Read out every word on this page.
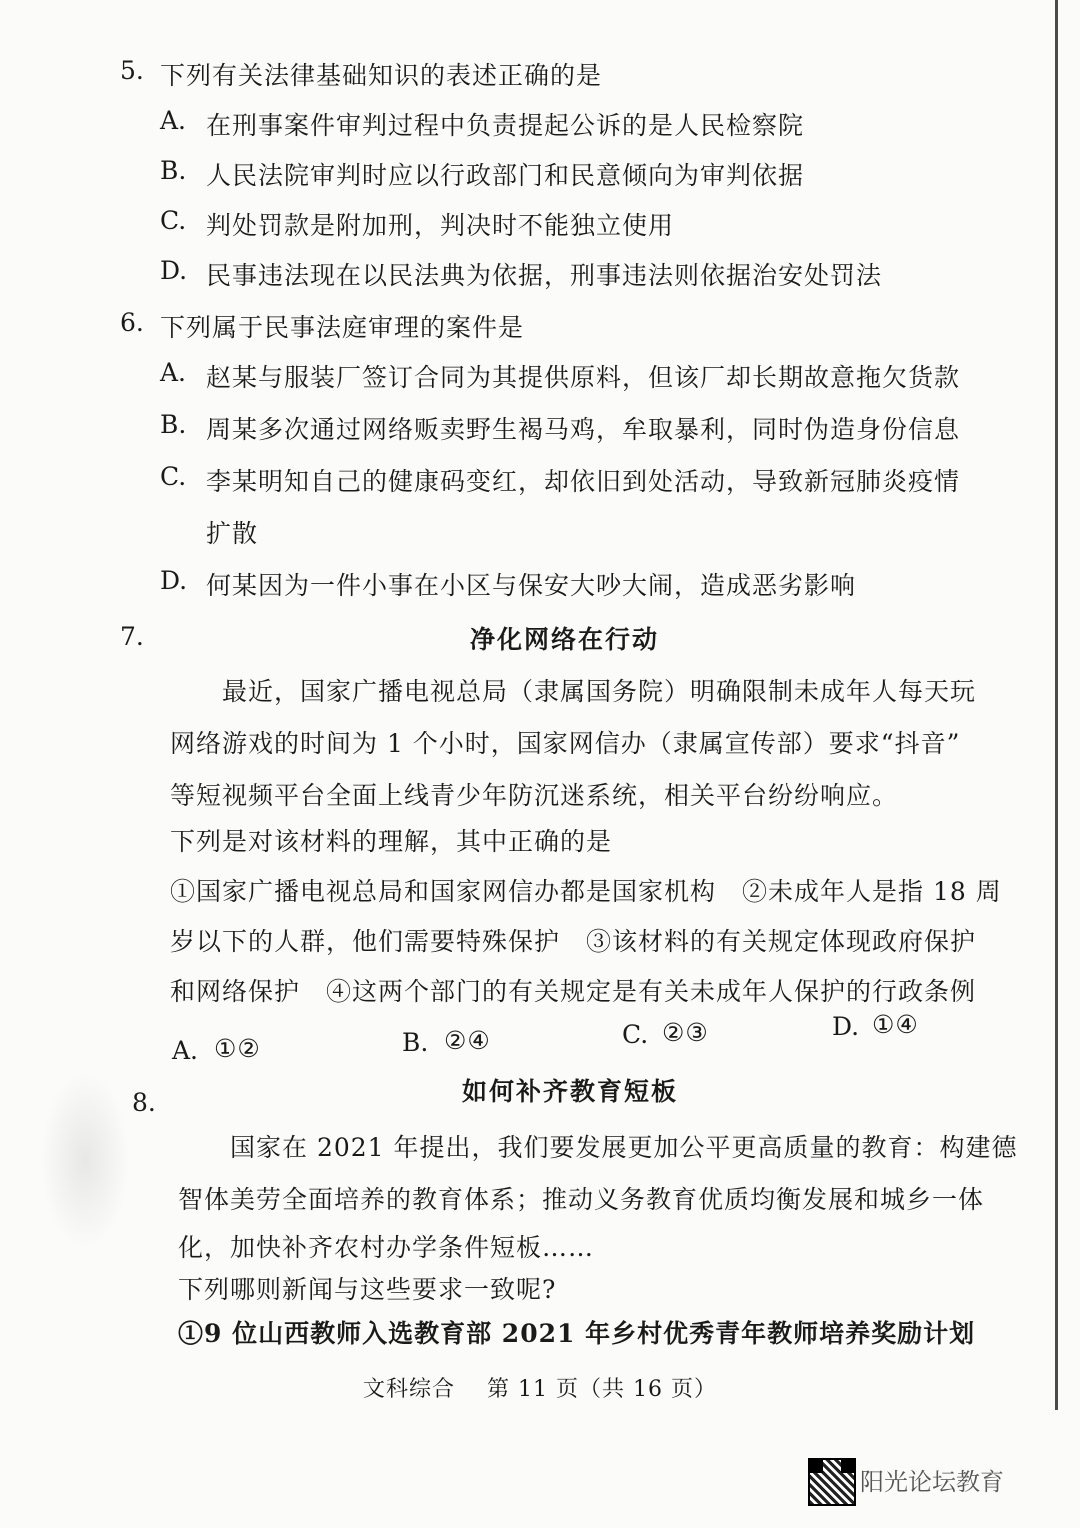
5. 下列有关法律基础知识的表述正确的是
A. 在刑事案件审判过程中负责提起公诉的是人民检察院
B. 人民法院审判时应以行政部门和民意倾向为审判依据
C. 判处罚款是附加刑，判决时不能独立使用
D. 民事违法现在以民法典为依据，刑事违法则依据治安处罚法
6. 下列属于民事法庭审理的案件是
A. 赵某与服装厂签订合同为其提供原料，但该厂却长期故意拖欠货款
B. 周某多次通过网络贩卖野生褐马鸡，牟取暴利，同时伪造身份信息
C. 李某明知自己的健康码变红，却依旧到处活动，导致新冠肺炎疫情
扩散
D. 何某因为一件小事在小区与保安大吵大闹，造成恶劣影响
7.	净化网络在行动
最近，国家广播电视总局（隶属国务院）明确限制未成年人每天玩
网络游戏的时间为 1 个小时，国家网信办（隶属宣传部）要求“抖音”
等短视频平台全面上线青少年防沉迷系统，相关平台纷纷响应。
下列是对该材料的理解，其中正确的是
①国家广播电视总局和国家网信办都是国家机构　②未成年人是指 18 周
岁以下的人群，他们需要特殊保护　③该材料的有关规定体现政府保护
和网络保护　④这两个部门的有关规定是有关未成年人保护的行政条例
A. ①②	B. ②④	C. ②③	D. ①④
8.	如何补齐教育短板
国家在 2021 年提出，我们要发展更加公平更高质量的教育：构建德
智体美劳全面培养的教育体系；推动义务教育优质均衡发展和城乡一体
化，加快补齐农村办学条件短板……
下列哪则新闻与这些要求一致呢?
①9 位山西教师入选教育部 2021 年乡村优秀青年教师培养奖励计划
文科综合 第 11 页（共 16 页）
阳光论坛教育
